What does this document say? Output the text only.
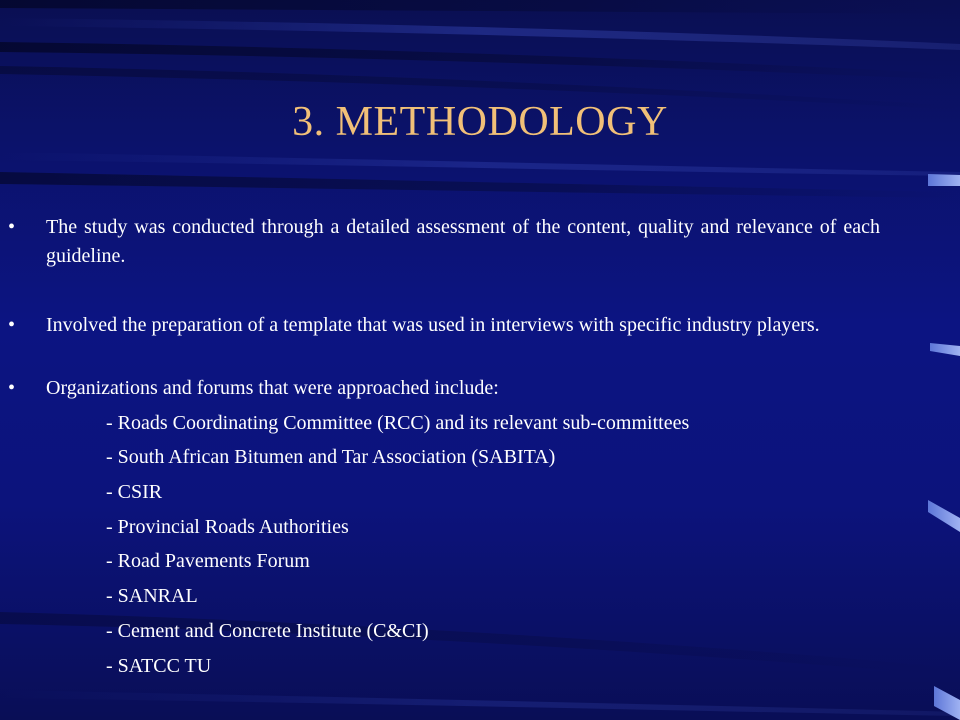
3. METHODOLOGY
• The study was conducted through a detailed assessment of the content, quality and relevance of each guideline.
• Involved the preparation of a template that was used in interviews with specific industry players.
• Organizations and forums that were approached include:
- Roads Coordinating Committee (RCC) and its relevant sub-committees
- South African Bitumen and Tar Association (SABITA)
- CSIR
- Provincial Roads Authorities
- Road Pavements Forum
- SANRAL
- Cement and Concrete Institute (C&CI)
- SATCC TU
